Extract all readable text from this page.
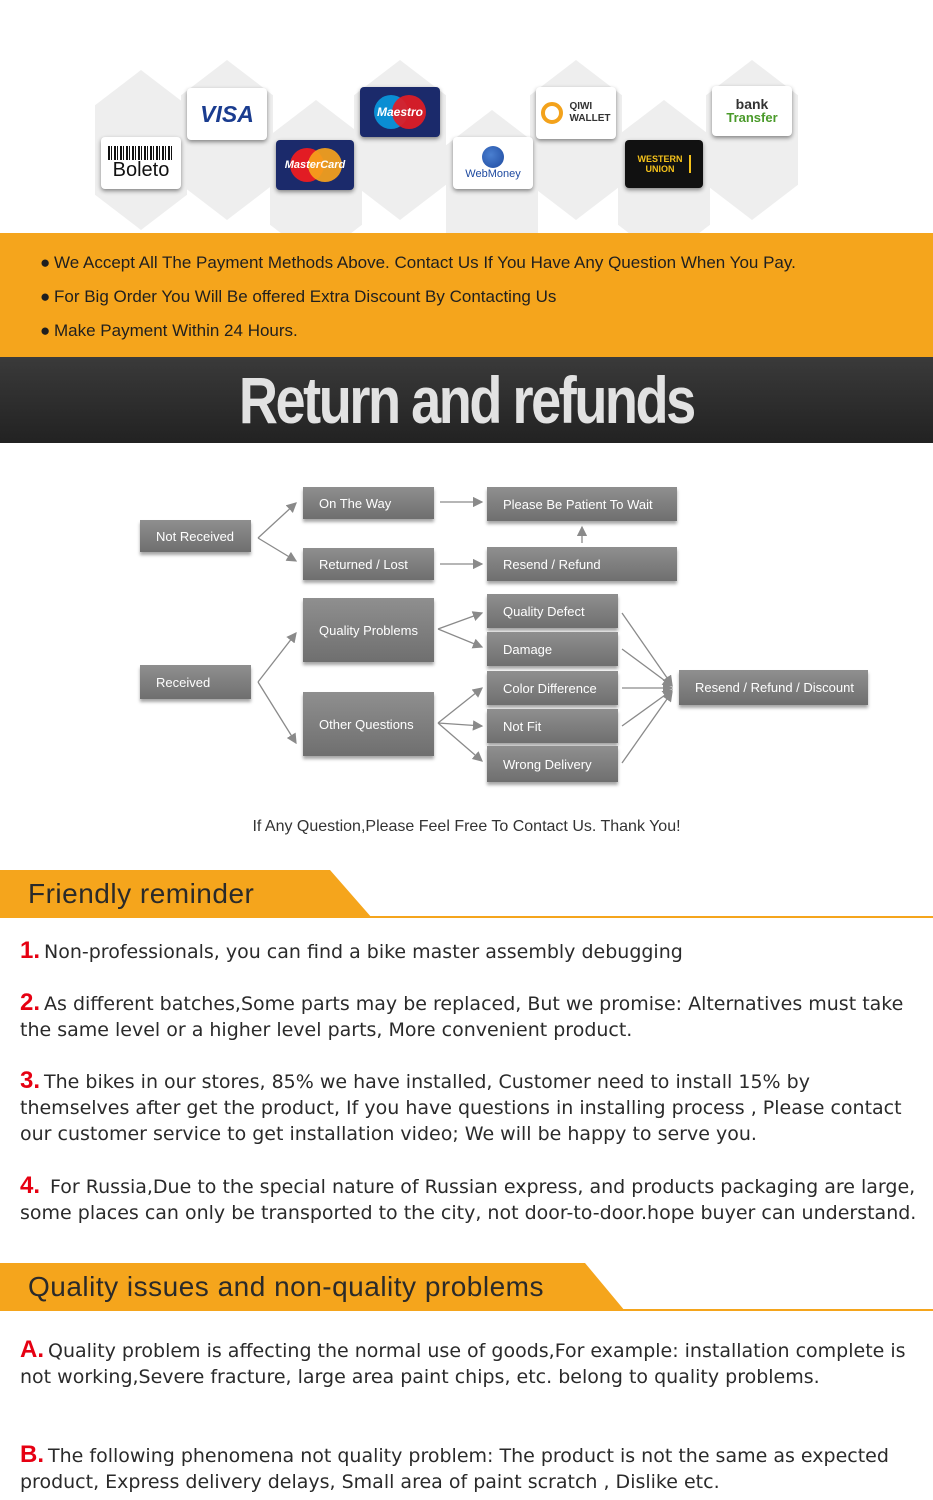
Boleto
VISA
MasterCard
Maestro
WebMoney
QIWI
WALLET
WESTERN
UNION
bank
Transfer
● We Accept All The Payment Methods Above. Contact Us If You Have Any Question When You Pay.
● For Big Order You Will Be offered Extra Discount By Contacting Us
● Make Payment Within 24 Hours.
Return and refunds
Not Received
On The Way
Returned / Lost
Please Be Patient To Wait
Resend / Refund
Received
Quality Problems
Other Questions
Quality Defect
Damage
Color Difference
Not Fit
Wrong Delivery
Resend / Refund / Discount
If Any Question,Please Feel Free To Contact Us. Thank You!
Friendly reminder
1. Non-professionals, you can find a bike master assembly debugging
2. As different batches,Some parts may be replaced, But we promise: Alternatives must take the same level or a higher level parts, More convenient product.
3. The bikes in our stores, 85% we have installed, Customer need to install 15% by themselves after get the product, If you have questions in installing process , Please contact our customer service to get installation video; We will be happy to serve you.
4. For Russia,Due to the special nature of Russian express, and products packaging are large, some places can only be transported to the city, not door-to-door.hope buyer can understand.
Quality issues and non-quality problems
A. Quality problem is affecting the normal use of goods,For example: installation complete is not working,Severe fracture, large area paint chips, etc. belong to quality problems.
B. The following phenomena not quality problem: The product is not the same as expected product, Express delivery delays, Small area of paint scratch , Dislike etc.
